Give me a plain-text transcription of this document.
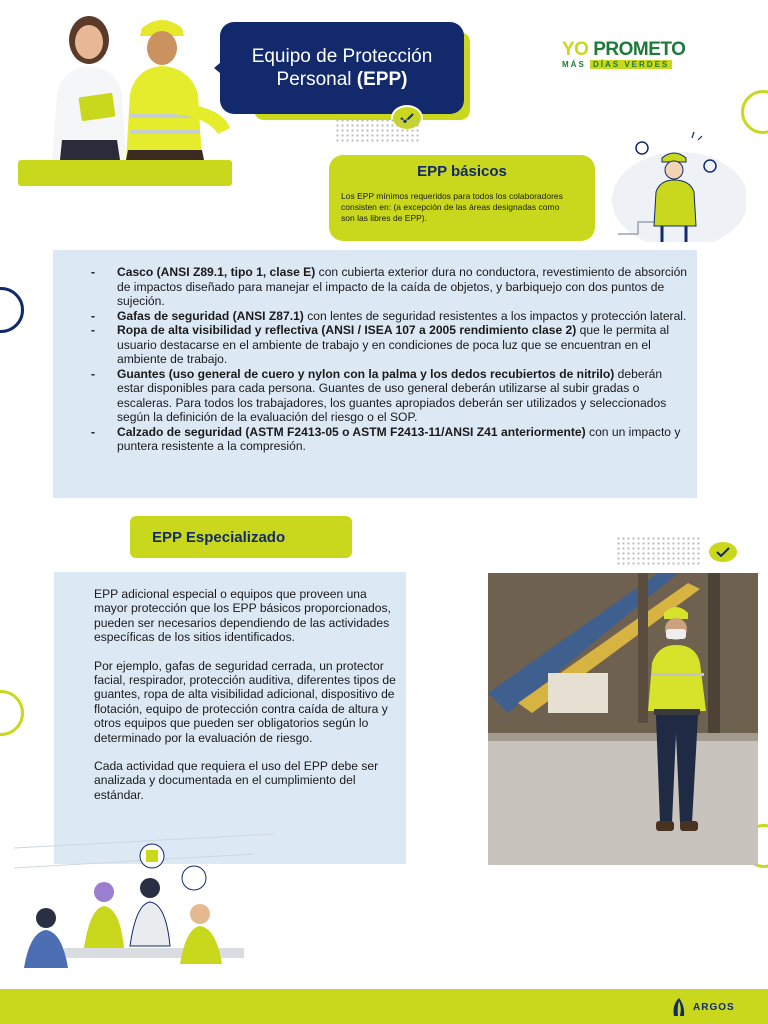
Equipo de Protección
Personal (EPP)
YO PROMETO
MÁS DÍAS VERDES
EPP básicos
Los EPP mínimos requeridos para todos los colaboradores consisten en: (a excepción de las áreas designadas como son las libres de EPP).
- Casco (ANSI Z89.1, tipo 1, clase E) con cubierta exterior dura no conductora, revestimiento de absorción de impactos diseñado para manejar el impacto de la caída de objetos, y barbiquejo con dos puntos de sujeción.
- Gafas de seguridad (ANSI Z87.1) con lentes de seguridad resistentes a los impactos y protección lateral.
- Ropa de alta visibilidad y reflectiva (ANSI / ISEA 107 a 2005 rendimiento clase 2) que le permita al usuario destacarse en el ambiente de trabajo y en condiciones de poca luz que se encuentran en el ambiente de trabajo.
- Guantes (uso general de cuero y nylon con la palma y los dedos recubiertos de nitrilo) deberán estar disponibles para cada persona. Guantes de uso general deberán utilizarse al subir gradas o escaleras. Para todos los trabajadores, los guantes apropiados deberán ser utilizados y seleccionados según la definición de la evaluación del riesgo o el SOP.
- Calzado de seguridad (ASTM F2413-05 o ASTM F2413-11/ANSI Z41 anteriormente) con un impacto y puntera resistente a la compresión.
EPP Especializado

EPP adicional especial o equipos que proveen una mayor protección que los EPP básicos proporcionados, pueden ser necesarios dependiendo de las actividades específicas de los sitios identificados.

Por ejemplo, gafas de seguridad cerrada, un protector facial, respirador, protección auditiva, diferentes tipos de guantes, ropa de alta visibilidad adicional, dispositivo de flotación, equipo de protección contra caída de altura y otros equipos que pueden ser obligatorios según lo determinado por la evaluación de riesgo.

Cada actividad que requiera el uso del EPP debe ser analizada y documentada en el cumplimiento del estándar.

ARGOS
